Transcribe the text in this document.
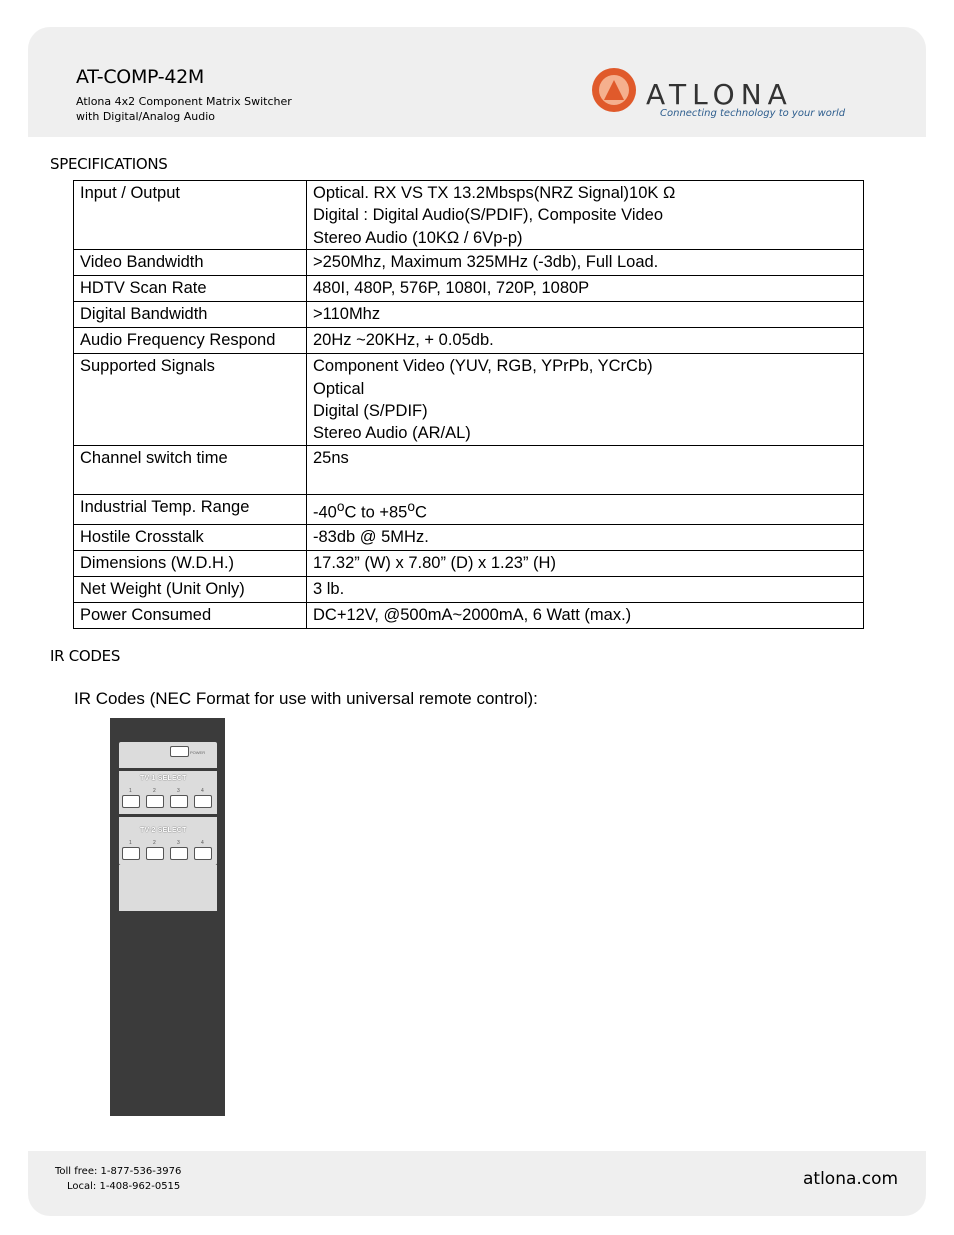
AT-COMP-42M
Atlona 4x2 Component Matrix Switcher
with Digital/Analog Audio
ATLONA
Connecting technology to your world
SPECIFICATIONS
Input / Output	Optical. RX VS TX 13.2Mbsps(NRZ Signal)10K Ω
Digital : Digital Audio(S/PDIF), Composite Video
Stereo Audio (10KΩ / 6Vp-p)

Video Bandwidth	>250Mhz, Maximum 325MHz (-3db), Full Load.

HDTV Scan Rate	480I, 480P, 576P, 1080I, 720P, 1080P

Digital Bandwidth	>110Mhz

Audio Frequency Respond	20Hz ~20KHz, + 0.05db.

Supported Signals	Component Video (YUV, RGB, YPrPb, YCrCb)
Optical
Digital (S/PDIF)
Stereo Audio (AR/AL)

Channel switch time	25ns

Industrial Temp. Range	-40$^o$C to $+85^oC$
Hostile Crosstalk	-83db @ 5MHz.

Dimensions (W.D.H.)	17.32” (W) x 7.80” (D) x 1.23” (H)

Net Weight (Unit Only)	3 lb.

Power Consumed	DC+12V, @500mA~2000mA, 6 Watt (max.)
IR CODES
IR Codes (NEC Format for use with universal remote control):
POWER
TV-1 SELECT
TV-2 SELECT
1	2	3	4
1	2	3	4
Toll free: 1-877-536-3976
Local: 1-408-962-0515	atlona.com
